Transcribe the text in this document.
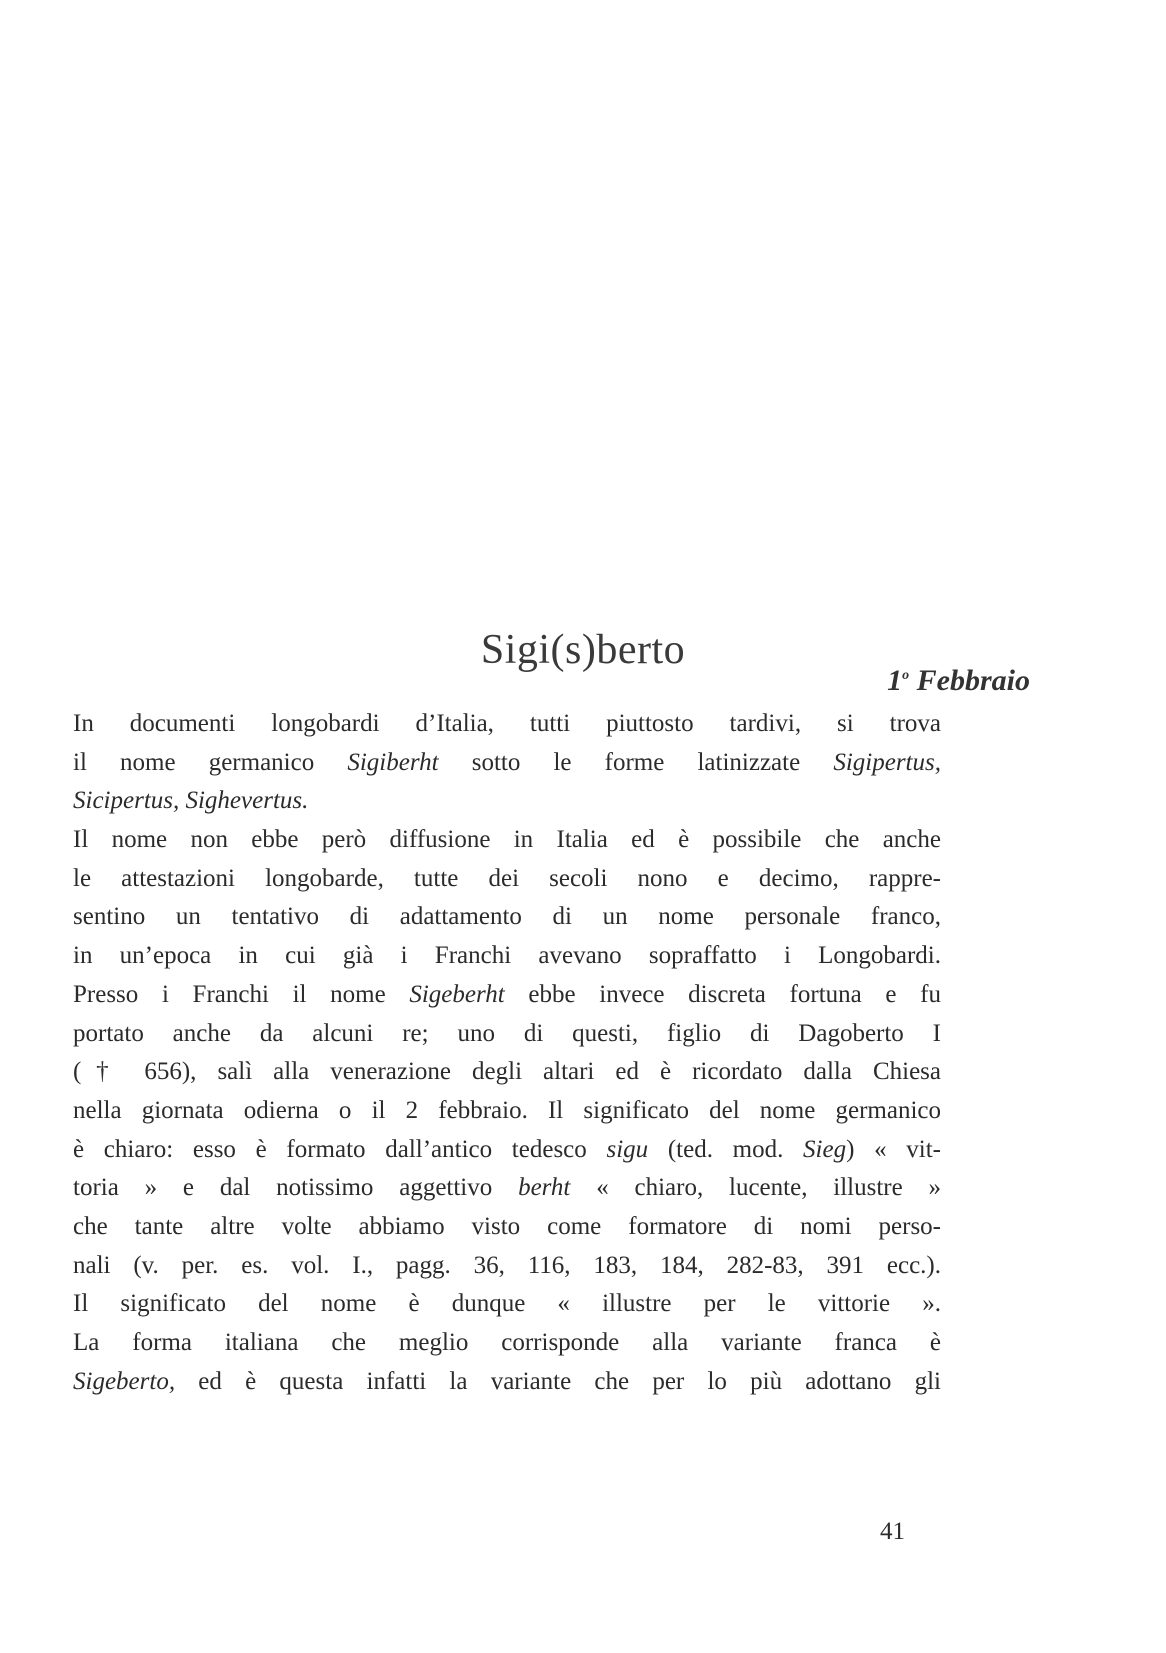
Sigi(s)berto
1$^o$ Febbraio
In documenti longobardi d’Italia, tutti piuttosto tardivi, si trova
il nome germanico Sigiberht sotto le forme latinizzate Sigipertus,
Sicipertus, Sighevertus.
Il nome non ebbe però diffusione in Italia ed è possibile che anche
le attestazioni longobarde, tutte dei secoli nono e decimo, rappre-
sentino un tentativo di adattamento di un nome personale franco,
in un’epoca in cui già i Franchi avevano sopraffatto i Longobardi.
Presso i Franchi il nome Sigeberht ebbe invece discreta fortuna e fu
portato anche da alcuni re; uno di questi, figlio di Dagoberto I
(† 656), salì alla venerazione degli altari ed è ricordato dalla Chiesa
nella giornata odierna o il 2 febbraio. Il significato del nome germanico
è chiaro: esso è formato dall’antico tedesco sigu (ted. mod. Sieg) « vit-
toria » e dal notissimo aggettivo berht « chiaro, lucente, illustre »
che tante altre volte abbiamo visto come formatore di nomi perso-
nali (v. per. es. vol. I., pagg. 36, 116, 183, 184, 282-83, 391 ecc.).
Il significato del nome è dunque « illustre per le vittorie ».
La forma italiana che meglio corrisponde alla variante franca è
Sigeberto, ed è questa infatti la variante che per lo più adottano gli
41
